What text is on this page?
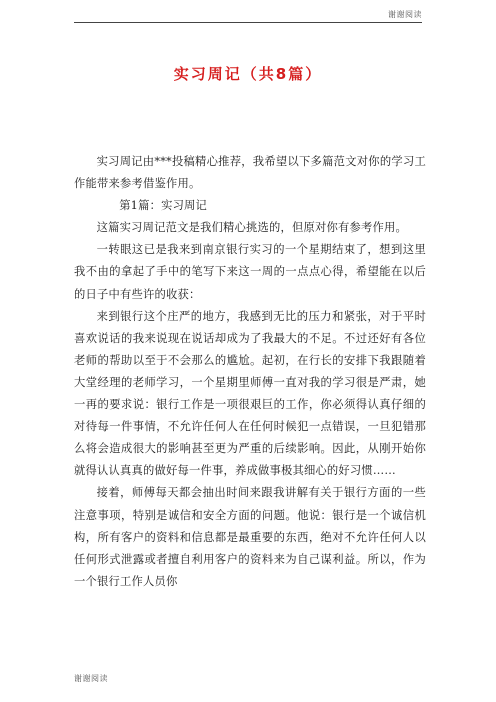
谢谢阅读
实习周记（共8篇）

实习周记由***投稿精心推荐，我希望以下多篇范文对你的学习工作能带来参考借鉴作用。

第1篇：实习周记

这篇实习周记范文是我们精心挑选的，但原对你有参考作用。

一转眼这已是我来到南京银行实习的一个星期结束了，想到这里我不由的拿起了手中的笔写下来这一周的一点点心得，希望能在以后的日子中有些许的收获：

来到银行这个庄严的地方，我感到无比的压力和紧张，对于平时喜欢说话的我来说现在说话却成为了我最大的不足。不过还好有各位老师的帮助以至于不会那么的尴尬。起初，在行长的安排下我跟随着大堂经理的老师学习，一个星期里师傅一直对我的学习很是严肃，她一再的要求说：银行工作是一项很艰巨的工作，你必须得认真仔细的对待每一件事情，不允许任何人在任何时候犯一点错误，一旦犯错那么将会造成很大的影响甚至更为严重的后续影响。因此，从刚开始你就得认认真真的做好每一件事，养成做事极其细心的好习惯……

接着，师傅每天都会抽出时间来跟我讲解有关于银行方面的一些注意事项，特别是诚信和安全方面的问题。他说：银行是一个诚信机构，所有客户的资料和信息都是最重要的东西，绝对不允许任何人以任何形式泄露或者擅自利用客户的资料来为自己谋利益。所以，作为一个银行工作人员你

谢谢阅读
